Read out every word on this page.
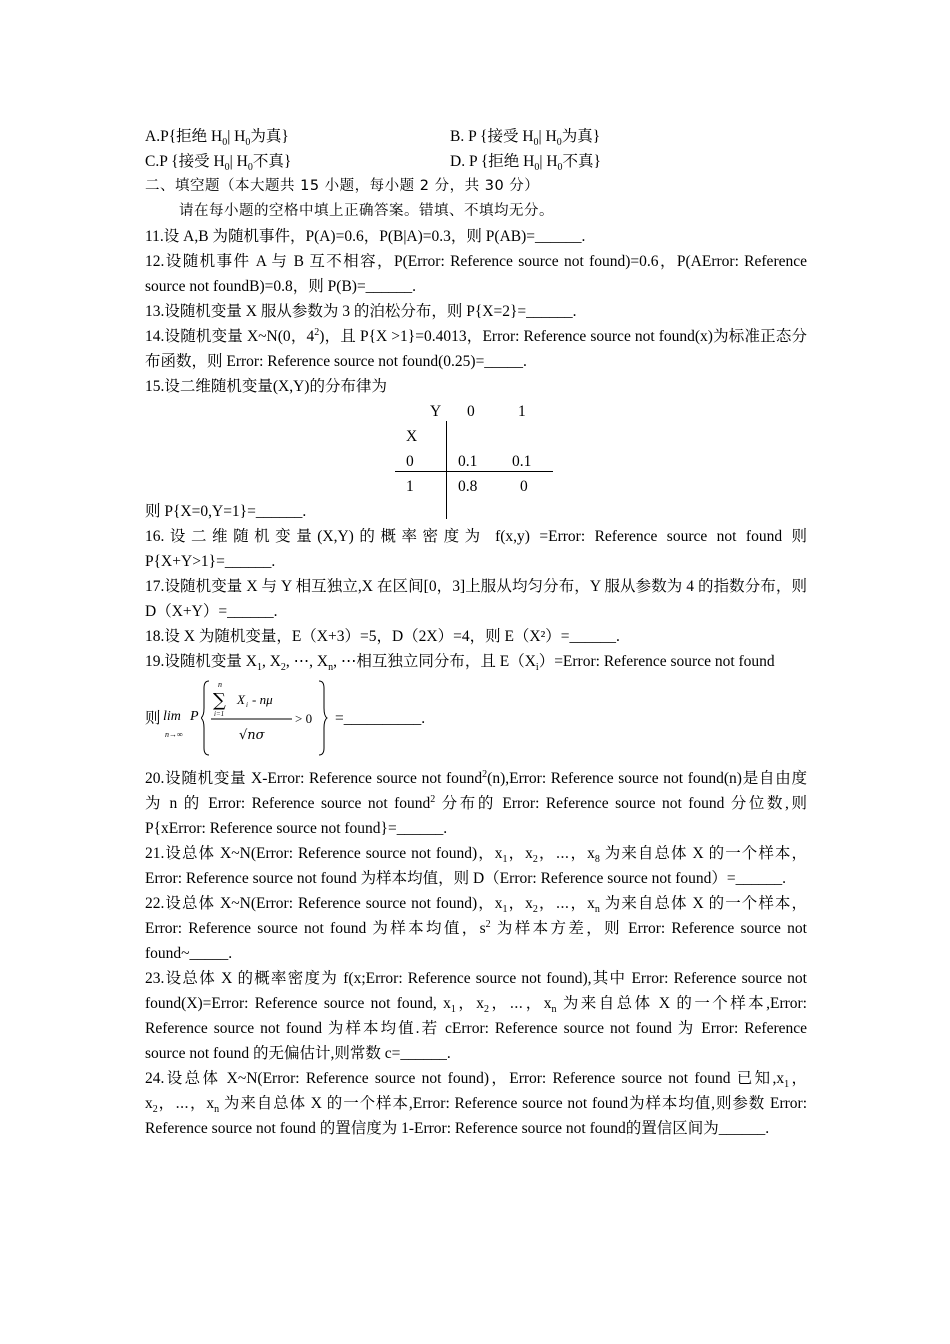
A.P{拒绝 $H_0|$ $H_0$为真}	B. P {接受 $H_0|$ $H_0$为真}
C.P {接受 $H_0|$ $H_0$不真}	D. P {拒绝 $H_0|$ $H_0$不真}

二、填空题（本大题共 15 小题，每小题 2 分，共 30 分）

请在每小题的空格中填上正确答案。错填、不填均无分。

11.设 A,B 为随机事件，P(A)=0.6，P(B|A)=0.3，则 P(AB)=______.

12.设随机事件 A 与 B 互不相容，P(Error: Reference source not found)=0.6，P(AError: Reference source not foundB)=0.8，则 P(B)=______.

13.设随机变量 X 服从参数为 3 的泊松分布，则 P{X=2}=______.

14.设随机变量 X~N(0，$4^2$)，且 P{X >1}=0.4013，Error: Reference source not found(x)为标准正态分布函数，则 Error: Reference source not found(0.25)=_____.

15.设二维随机变量(X,Y)的分布律为

Y 0	1
X
0	0.1 0.1
1	0.8	0

则 P{X=0,Y=1}=______.

16.设二维随机变量(X,Y)的概率密度为 f(x,y) =Error: Reference source not found 则 P{X+Y>1}=______.

17.设随机变量 X 与 Y 相互独立,X 在区间[0，3]上服从均匀分布，Y 服从参数为 4 的指数分布，则 D（X+Y）=______.

18.设 X 为随机变量，E（X+3）=5，D（2X）=4，则 E（X²）=______.

19.设随机变量 $X_1$, $X_2$, ⋯, $X_n$, ⋯相互独立同分布，且 $E(X_i)=Error$: Reference source not found

则 lim
n→∞
P
n
∑
i=1
X i - nμ
√nσ
> 0 =__________.

20.设随机变量 X-Error: Reference source not found$^2$(n),Error: Reference source not found(n)是自由度为 n 的 Error: Reference source not found$^2$ 分布的 Error: Reference source not found 分位数,则 P{xError: Reference source not found}=______.

21.设总体 X~N(Error: Reference source not found)，$x_1$，$x_2$，⋯，$x_8$ 为来自总体 X 的一个样本，Error: Reference source not found 为样本均值，则 D（Error: Reference source not found）=______.

22.设总体 X~N(Error: Reference source not found)，$x_1$，$x_2$，⋯，$x_n$ 为来自总体 X 的一个样本，Error: Reference source not found 为样本均值，$s^2$ 为样本方差，则 Error: Reference source not found~_____.

23.设总体 X 的概率密度为 f(x;Error: Reference source not found),其中 Error: Reference source not found(X)=Error: Reference source not found, $x_1$，$x_2$，⋯，$x_n$ 为来自总体 X 的一个样本,Error: Reference source not found 为样本均值.若 cError: Reference source not found 为 Error: Reference source not found 的无偏估计,则常数 c=______.

24.设总体 X~N(Error: Reference source not found)，Error: Reference source not found 已知$,x_1$，$x_2$，⋯，$x_n$ 为来自总体 X 的一个样本,Error: Reference source not found为样本均值,则参数 Error: Reference source not found 的置信度为 1-Error: Reference source not found的置信区间为______.
